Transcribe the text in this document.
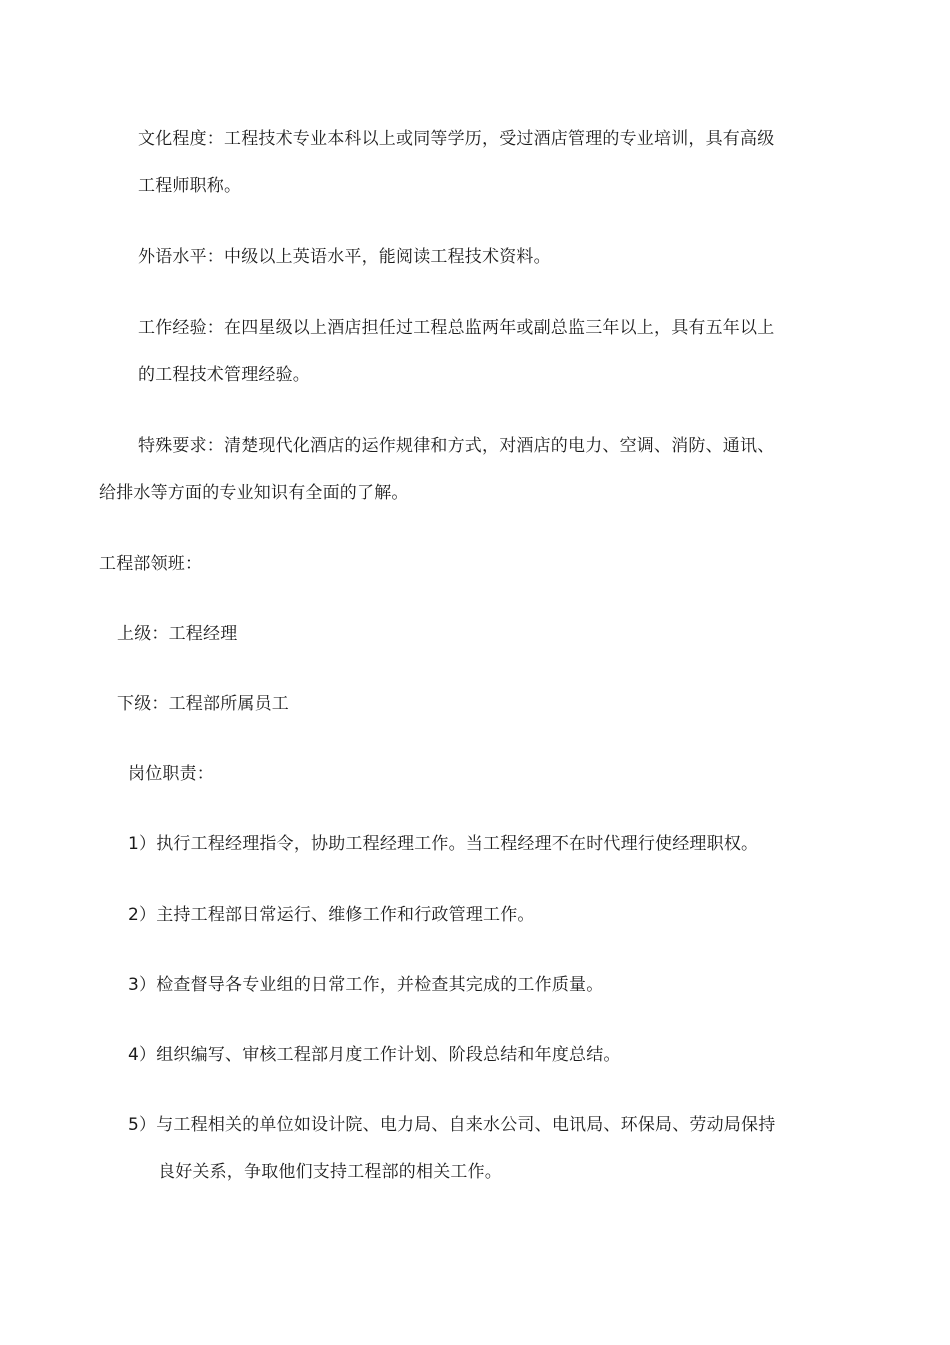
文化程度：工程技术专业本科以上或同等学历，受过酒店管理的专业培训，具有高级
工程师职称。
外语水平：中级以上英语水平，能阅读工程技术资料。
工作经验：在四星级以上酒店担任过工程总监两年或副总监三年以上，具有五年以上
的工程技术管理经验。
特殊要求：清楚现代化酒店的运作规律和方式，对酒店的电力、空调、消防、通讯、
给排水等方面的专业知识有全面的了解。
工程部领班：
上级：工程经理
下级：工程部所属员工
岗位职责：
1）执行工程经理指令，协助工程经理工作。当工程经理不在时代理行使经理职权。
2）主持工程部日常运行、维修工作和行政管理工作。
3）检查督导各专业组的日常工作，并检查其完成的工作质量。
4）组织编写、审核工程部月度工作计划、阶段总结和年度总结。
5）与工程相关的单位如设计院、电力局、自来水公司、电讯局、环保局、劳动局保持
良好关系，争取他们支持工程部的相关工作。
